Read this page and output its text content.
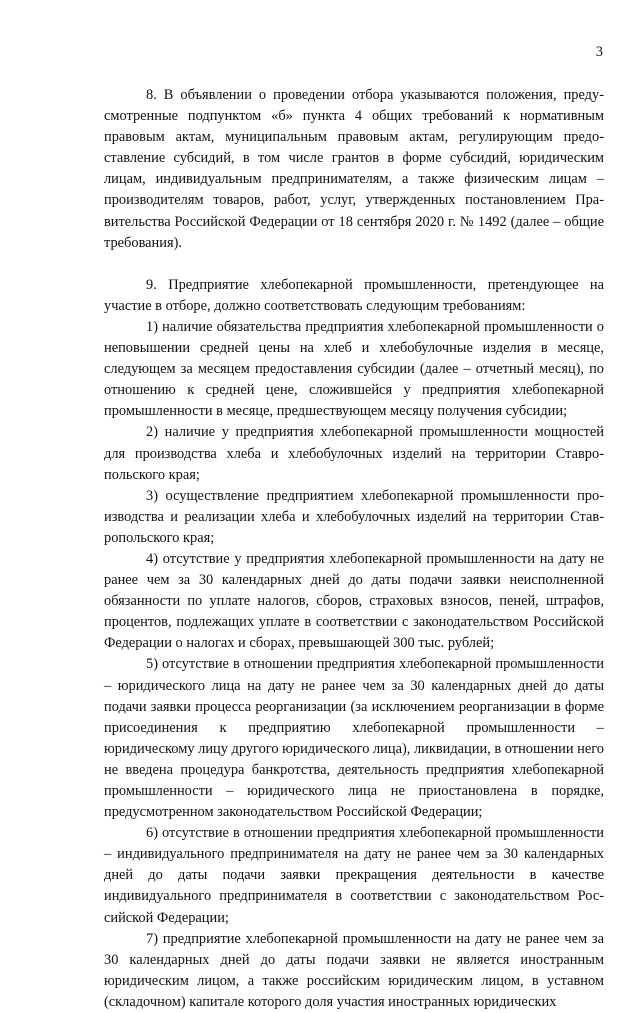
3

8. В объявлении о проведении отбора указываются положения, предусмотренные подпунктом «б» пункта 4 общих требований к нормативным правовым актам, муниципальным правовым актам, регулирующим предоставление субсидий, в том числе грантов в форме субсидий, юридическим лицам, индивидуальным предпринимателям, а также физическим лицам – производителям товаров, работ, услуг, утвержденных постановлением Правительства Российской Федерации от 18 сентября 2020 г. № 1492 (далее – общие требования).

9. Предприятие хлебопекарной промышленности, претендующее на участие в отборе, должно соответствовать следующим требованиям:

1) наличие обязательства предприятия хлебопекарной промышленности о неповышении средней цены на хлеб и хлебобулочные изделия в месяце, следующем за месяцем предоставления субсидии (далее – отчетный месяц), по отношению к средней цене, сложившейся у предприятия хлебопекарной промышленности в месяце, предшествующем месяцу получения субсидии;

2) наличие у предприятия хлебопекарной промышленности мощностей для производства хлеба и хлебобулочных изделий на территории Ставропольского края;

3) осуществление предприятием хлебопекарной промышленности производства и реализации хлеба и хлебобулочных изделий на территории Ставропольского края;

4) отсутствие у предприятия хлебопекарной промышленности на дату не ранее чем за 30 календарных дней до даты подачи заявки неисполненной обязанности по уплате налогов, сборов, страховых взносов, пеней, штрафов, процентов, подлежащих уплате в соответствии с законодательством Российской Федерации о налогах и сборах, превышающей 300 тыс. рублей;

5) отсутствие в отношении предприятия хлебопекарной промышленности – юридического лица на дату не ранее чем за 30 календарных дней до даты подачи заявки процесса реорганизации (за исключением реорганизации в форме присоединения к предприятию хлебопекарной промышленности – юридическому лицу другого юридического лица), ликвидации, в отношении него не введена процедура банкротства, деятельность предприятия хлебопекарной промышленности – юридического лица не приостановлена в порядке, предусмотренном законодательством Российской Федерации;

6) отсутствие в отношении предприятия хлебопекарной промышленности – индивидуального предпринимателя на дату не ранее чем за 30 календарных дней до даты подачи заявки прекращения деятельности в качестве индивидуального предпринимателя в соответствии с законодательством Российской Федерации;

7) предприятие хлебопекарной промышленности на дату не ранее чем за 30 календарных дней до даты подачи заявки не является иностранным юридическим лицом, а также российским юридическим лицом, в уставном (складочном) капитале которого доля участия иностранных юридических
